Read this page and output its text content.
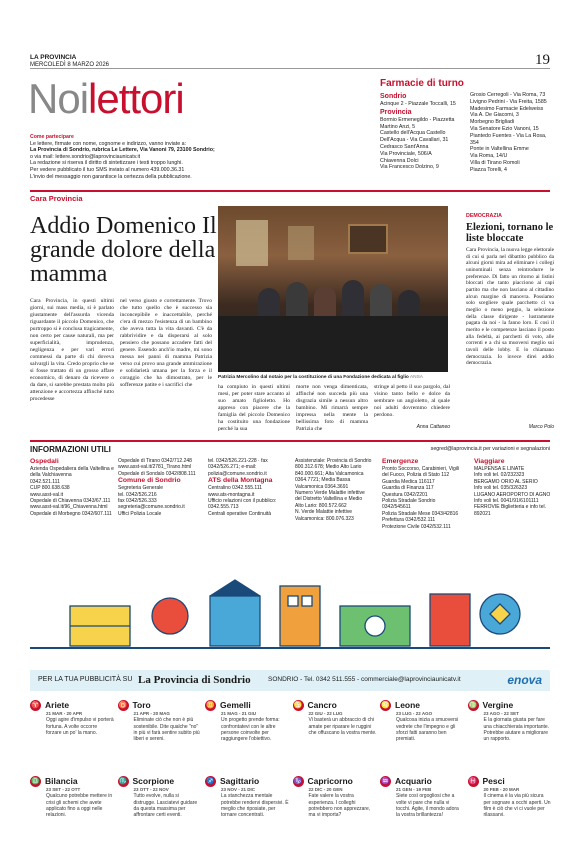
LA PROVINCIA
MERCOLEDÌ 8 MARZO 2026	19
Noilettori
Come partecipare
Le lettere, firmate con nome, cognome e indirizzo, vanno inviate a:
La Provincia di Sondrio, rubrica Le Lettere, Via Vanoni 79, 23100 Sondrio;
o via mail: lettere.sondrio@laprovinciaunicatv.it
La redazione si riserva il diritto di sintetizzare i testi troppo lunghi.
Per vedere pubblicato il tuo SMS inviato al numero 439.000.36.31
L'invio del messaggio non garantisce la certezza della pubblicazione.
Farmacie di turno
Sondrio
Acinque 2 - Piazzale Toccalli, 15
Provincia
Bormio Ermenegildo - Piazzetta
Martino Anzi, 5
Castello dell'Acqua Castello
Dell'Acqua - Via Cavallari, 31
Cedrasco Sant'Anna
Via Provinciale, 506/A
Chiavenna Dolci
Via Francesco Dolzino, 9
Grosio Cerregoli - Via Roma, 73
Livigno Pedrini - Via Freita, 1585
Madesimo Farmacie Edelweiss
Via A. De Giacomi, 3
Morbegno Brigliadi
Via Senatore Ezio Vanoni, 15
Piantedo Fuentes - Via La Rosa, 354
Ponte in Valtellina Emme
Via Roma, 14/U
Villa di Tirano Romoli
Piazza Torelli, 4
Cara Provincia
Addio Domenico Il grande dolore della mamma
Patrizia Mercolino dal notaio per la costituzione di una Fondazione dedicata al figlio ANSA
Cara Provincia, in questi ultimi giorni, sui mass media, si è parlato giustamente dell'assurda vicenda riguardante il piccolo Domenico, che purtroppo si è conclusa tragicamente, non certo per cause naturali, ma per superficialità, imprudenza, negligenza e per vari errori commessi da parte di chi doveva salvargli la vita. Credo proprio che se si fosse trattato di un grosso affare economico, di denaro da ricevere o da dare, si sarebbe prestata molto più attenzione e accortezza affinché tutto procedesse
nel verso giusto e correttamente. Trovo che tutto quello che è successo sia inconcepibile e inaccettabile, perché c'era di mezzo l'esistenza di un bambino che aveva tutta la vita davanti. C'è da rabbrividire e da disperarsi al solo pensiero che possano accadere fatti del genere. Essendo anch'io madre, mi sono messa nei panni di mamma Patrizia verso cui provo una grande ammirazione e solidarietà umana per la forza e il coraggio che ha dimostrato, per le sofferenze patite e i sacrifici che	ha compiuto in questi ultimi mesi, per poter stare accanto al suo amato figlioletto. Ho appreso con piacere che la famiglia del piccolo Domenico ha costituito una fondazione perché la sua
morte non venga dimenticata, affinché non succeda più una disgrazia simile a nessun altro bambino. Mi rimarrà sempre impressa nella mente la bellissima foto di mamma Patrizia che
stringe al petto il suo pargolo, dal visino tanto bello e dolce da sembrare un angioletto, al quale noi adulti dovremmo chiedere perdono.
Anna Cattaneo
DEMOCRAZIA
Elezioni, tornano le liste bloccate
Cara Provincia, la nuova legge elettorale di cui si parla nel dibattito pubblico da alcuni giorni mira ad eliminare i collegi uninominali senza reintrodurre le preferenze. Di fatto un ritorno ai listini bloccati che tanto piacciono ai capi partito ma che non lasciano al cittadino alcun margine di manovra. Possiamo solo scegliere quale pacchetto ci va meglio o meno peggio, la selezione della classe dirigente - lustramente pagata da noi - la fanno loro. E così il merito e le competenze lasciano il posto alla fedeltà, ai parchetti di voto, alle correnti e a chi sa muoversi meglio sui tavoli delle lobby. E lo chiamano democrazia. Io invece direi addio democrazia.
Marco Polo
INFORMAZIONI UTILI	segred@laprovincia.it per variazioni e segnalazioni
Ospedali
Azienda Ospedaliera della Valtellina e della Valchiavenna
0342.521.111
CUP 800.638.638
www.asst-val.it
Ospedale di Chiavenna 0343/67.111
www.asst-val.it/96_Chiavenna.html
Ospedale di Morbegno 0342/607.111
Ospedale di Tirano 0342/712.248
www.asst-val.it/2781_Tirano.html
Ospedale di Sondalo 0342/808.111
Comune di Sondrio
Segreteria Generale
tel. 0342/526.216
fax 0342/526.333
segreteria@comune.sondrio.it
Uffici Polizia Locale
tel. 0342/526.221-228 · fax
0342/526.271; e-mail:
polizia@comune.sondrio.it
ATS della Montagna
Centralino 0342.555.111
www.ats-montagna.it
Ufficio relazioni con il pubblico:
0342.555.713
Centrali operative Continuità
Assistenziale: Provincia di Sondrio
800.312.678; Medio Alto Lario
840.000.661; Alta Valcamonica
0364.7721; Media Bassa
Valcamonica 0364.3691
Numero Verde Malattie infettive
del Distretto Valtellina e Medio
Alto Lario: 800.572.662
N. Verde Malattie infettive
Valcamonica: 800.076.323
Emergenze
Pronto Soccorso, Carabinieri, Vigili
del Fuoco, Polizia di Stato 112
Guardia Medica 116117
Guardia di Finanza 117
Questura 0342/2201
Polizia Stradale Sondrio
0342/545611
Polizia Stradale Mese 0343/42816
Prefettura 0342/532.111
Protezione Civile 0342/532.111
Viaggiare
MALPENSA E LINATE
Info voli tel. 02/232323
BERGAMO ORIO AL SERIO
Info voli tel. 035/326323
LUGANO AEROPORTO DI AGNO
Info voli tel. 0041/91/6101111
FERROVIE Biglietteria e info tel.
892021
PER LA TUA PUBBLICITÀ SU La Provincia di Sondrio	SONDRIO - Tel. 0342 511.555 - commerciale@laprovinciaunicatv.it	enova
♈ Ariete
21 MAR - 20 APR
Oggi agire d'impulso vi porterà fortuna. A volte occorre forzare un po' la mano.
♉ Toro
21 APR - 20 MAG
Eliminate ciò che non è più sostenibile. Dite qualche "no" in più vi farà sentire subito più liberi e sereni.
♊ Gemelli
21 MAG - 21 GIU
Un progetto prende forma: confrontatevi con le altre persone coinvolte per raggiungere l'obiettivo.
♋ Cancro
22 GIU - 22 LUG
Vi basterà un abbraccio di chi amate per riparare le ruggini che offuscano la vostra mente.
♌ Leone
23 LUG - 22 AGO
Qualcosa inizia a smuoversi vedrete che l'impegno e gli sforzi fatti saranno ben premiati.
♍ Vergine
23 AGO - 22 SET
E la giornata giusta per fare una chiacchierata importante. Potrebbe aiutare a migliorare un rapporto.
♎ Bilancia
23 SET - 22 OTT
Qualcuno potrebbe mettere in crisi gli schemi che avete applicato fino a oggi nelle relazioni.
♏ Scorpione
23 OTT - 22 NOV
Tutto evolve, nulla si distrugge. Lasciatevi guidare da questa massima per affrontare certi eventi.
♐ Sagittario
23 NOV - 21 DIC
La stanchezza mentale potrebbe rendervi dispersivi. È meglio che riposiate, per tornare concentrati.
♑ Capricorno
22 DIC - 20 GEN
Fate valere la vostra esperienza. I colleghi potrebbero non apprezzare, ma vi importa?
♒ Acquario
21 GEN - 19 FEB
Siete così orgogliosi che a volte vi pare che nulla vi tocchi. Agite, il mondo adora la vostra brillantezza!
♓ Pesci
20 FEB - 20 MAR
Il cinema è la via più sicura per sognare a occhi aperti. Un film è ciò che vi ci vuole per rilassarvi.
